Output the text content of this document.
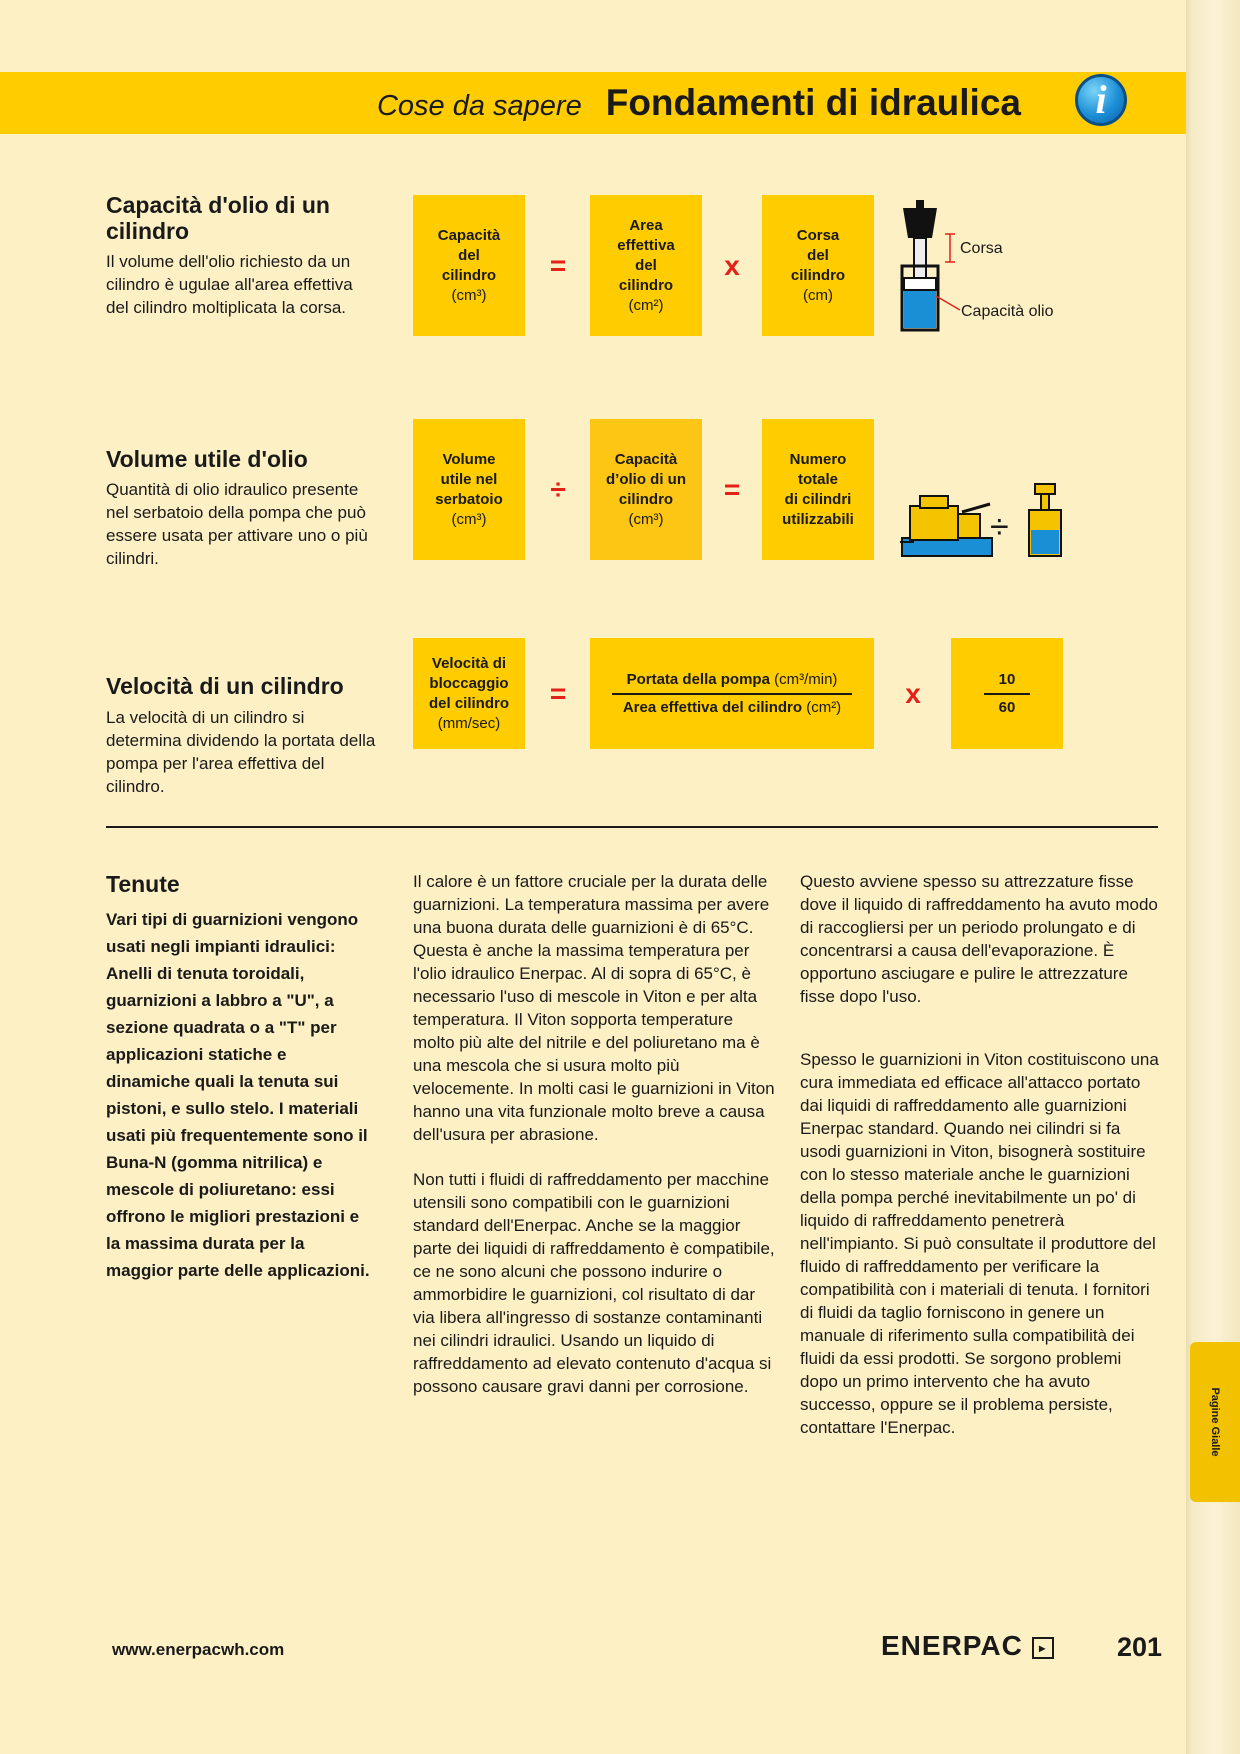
Pagine Gialle
Cose da sapere Fondamenti di idraulica	i
Capacità d'olio di un
cilindro
Il volume dell'olio richiesto da un cilindro è ugulae all'area effettiva del cilindro moltiplicata la corsa.
Capacità
del
cilindro
(cm³)
=
Area
effettiva
del
cilindro
(cm²)
x
Corsa
del
cilindro
(cm)
Corsa
Capacità olio
Volume utile d'olio
Quantità di olio idraulico presente nel serbatoio della pompa che può essere usata per attivare uno o più cilindri.
Volume
utile nel
serbatoio
(cm³)
÷
Capacità
d’olio di un
cilindro
(cm³)
=
Numero
totale
di cilindri
utilizzabili	÷
Velocità di un cilindro
La velocità di un cilindro si determina dividendo la portata della pompa per l'area effettiva del cilindro.
Velocità di
bloccaggio
del cilindro
(mm/sec)
=	Portata della pompa (cm³/min)
Area effettiva del cilindro (cm²)	x	10
60
Tenute
Vari tipi di guarnizioni vengono usati negli impianti idraulici: Anelli di tenuta toroidali, guarnizioni a labbro a "U", a sezione quadrata o a "T" per applicazioni statiche e dinamiche quali la tenuta sui pistoni, e sullo stelo. I materiali usati più frequentemente sono il Buna-N (gomma nitrilica) e mescole di poliuretano: essi offrono le migliori prestazioni e la massima durata per la maggior parte delle applicazioni.

Il calore è un fattore cruciale per la durata delle guarnizioni. La temperatura massima per avere una buona durata delle guarnizioni è di 65°C. Questa è anche la massima temperatura per l'olio idraulico Enerpac. Al di sopra di 65°C, è necessario l'uso di mescole in Viton e per alta temperatura. Il Viton sopporta temperature molto più alte del nitrile e del poliuretano ma è una mescola che si usura molto più velocemente. In molti casi le guarnizioni in Viton hanno una vita funzionale molto breve a causa dell'usura per abrasione.

Non tutti i fluidi di raffreddamento per macchine utensili sono compatibili con le guarnizioni standard dell'Enerpac. Anche se la maggior parte dei liquidi di raffreddamento è compatibile, ce ne sono alcuni che possono indurire o ammorbidire le guarnizioni, col risultato di dar via libera all'ingresso di sostanze contaminanti nei cilindri idraulici. Usando un liquido di raffreddamento ad elevato contenuto d'acqua si possono causare gravi danni per corrosione.

Questo avviene spesso su attrezzature fisse dove il liquido di raffreddamento ha avuto modo di raccogliersi per un periodo prolungato e di concentrarsi a causa dell'evaporazione. È opportuno asciugare e pulire le attrezzature fisse dopo l'uso.

Spesso le guarnizioni in Viton costituiscono una cura immediata ed efficace all'attacco portato dai liquidi di raffreddamento alle guarnizioni Enerpac standard. Quando nei cilindri si fa usodi guarnizioni in Viton, bisognerà sostituire con lo stesso materiale anche le guarnizioni della pompa perché inevitabilmente un po' di liquido di raffreddamento penetrerà nell'impianto. Si può consultate il produttore del fluido di raffreddamento per verificare la compatibilità con i materiali di tenuta. I fornitori di fluidi da taglio forniscono in genere un manuale di riferimento sulla compatibilità dei fluidi da essi prodotti. Se sorgono problemi dopo un primo intervento che ha avuto successo, oppure se il problema persiste, contattare l'Enerpac.

www.enerpacwh.com	ENERPAC ▸	201
